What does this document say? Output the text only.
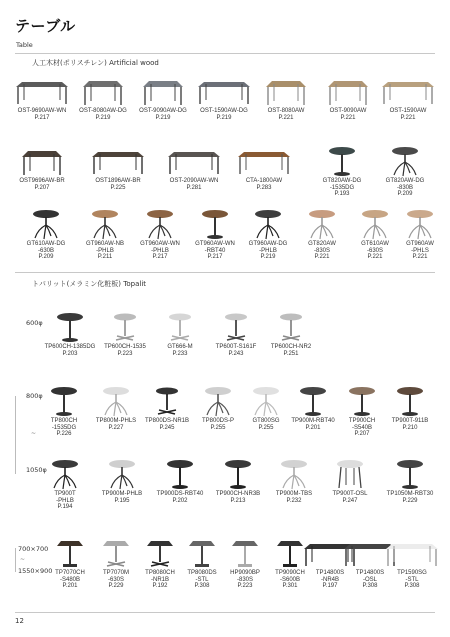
テーブル
Table
人工木材(ポリスチレン) Artificial wood
OST-9690AW-WN
P.217
OST-8080AW-DG
P.219
OST-9090AW-DG
P.219
OST-1590AW-DG
P.219
OST-8080AW
P.221
OST-9090AW
P.221
OST-1590AW
P.221
OST9696AW-BR
P.207
OST1896AW-BR
P.225
OST-2090AW-WN
P.281
CTA-1800AW
P.283
GT820AW-DG
-1535DG
P.193
GT820AW-DG
-830B
P.209
GT610AW-DG
-630B
P.209
GT960AW-NB
-PHLB
P.211
GT960AW-WN
-PHLB
P.217
GT960AW-WN
-RBT40
P.217
GT960AW-DG
-PHLB
P.219
GT820AW
-830S
P.221
GT610AW
-630S
P.221
GT960AW
-PHLS
P.221
トパリット(メラミン化粧板) Topalit
600φ
800φ
1050φ
~
700×700
1550×900
~
TP600CH-1385DG
P.203
TP600CH-1535
P.223
GT666-M
P.233
TP600T-S161F
P.243
TP600CH-NR2
P.251
TP800CH
-1535DG
P.226
TP800M-PHLS
P.227
TP800DS-NR1B
P.245
TP800DS-P
P.255
GT800SG
P.255
TP900M-RBT40
P.201
TP900CH
-S540B
P.207
TP900T-911B
P.210
TP900T
-PHLB
P.194
TP900M-PHLB
P.195
TP900DS-RBT40
P.202
TP900CH-NR3B
P.213
TP900M-TBS
P.232
TP900T-OSL
P.247
TP1050M-RBT30
P.229
TP7070CH
-S480B
P.201
TP7070M
-630S
P.229
TP8080CH
-NR1B
P.192
TP8080DS
-STL
P.308
HP9090BP
-830S
P.223
TP9090CH
-S600B
P.301
TP14800S
-NR4B
P.197
TP14800S
-OSL
P.308
TP1590SG
-STL
P.308
12
